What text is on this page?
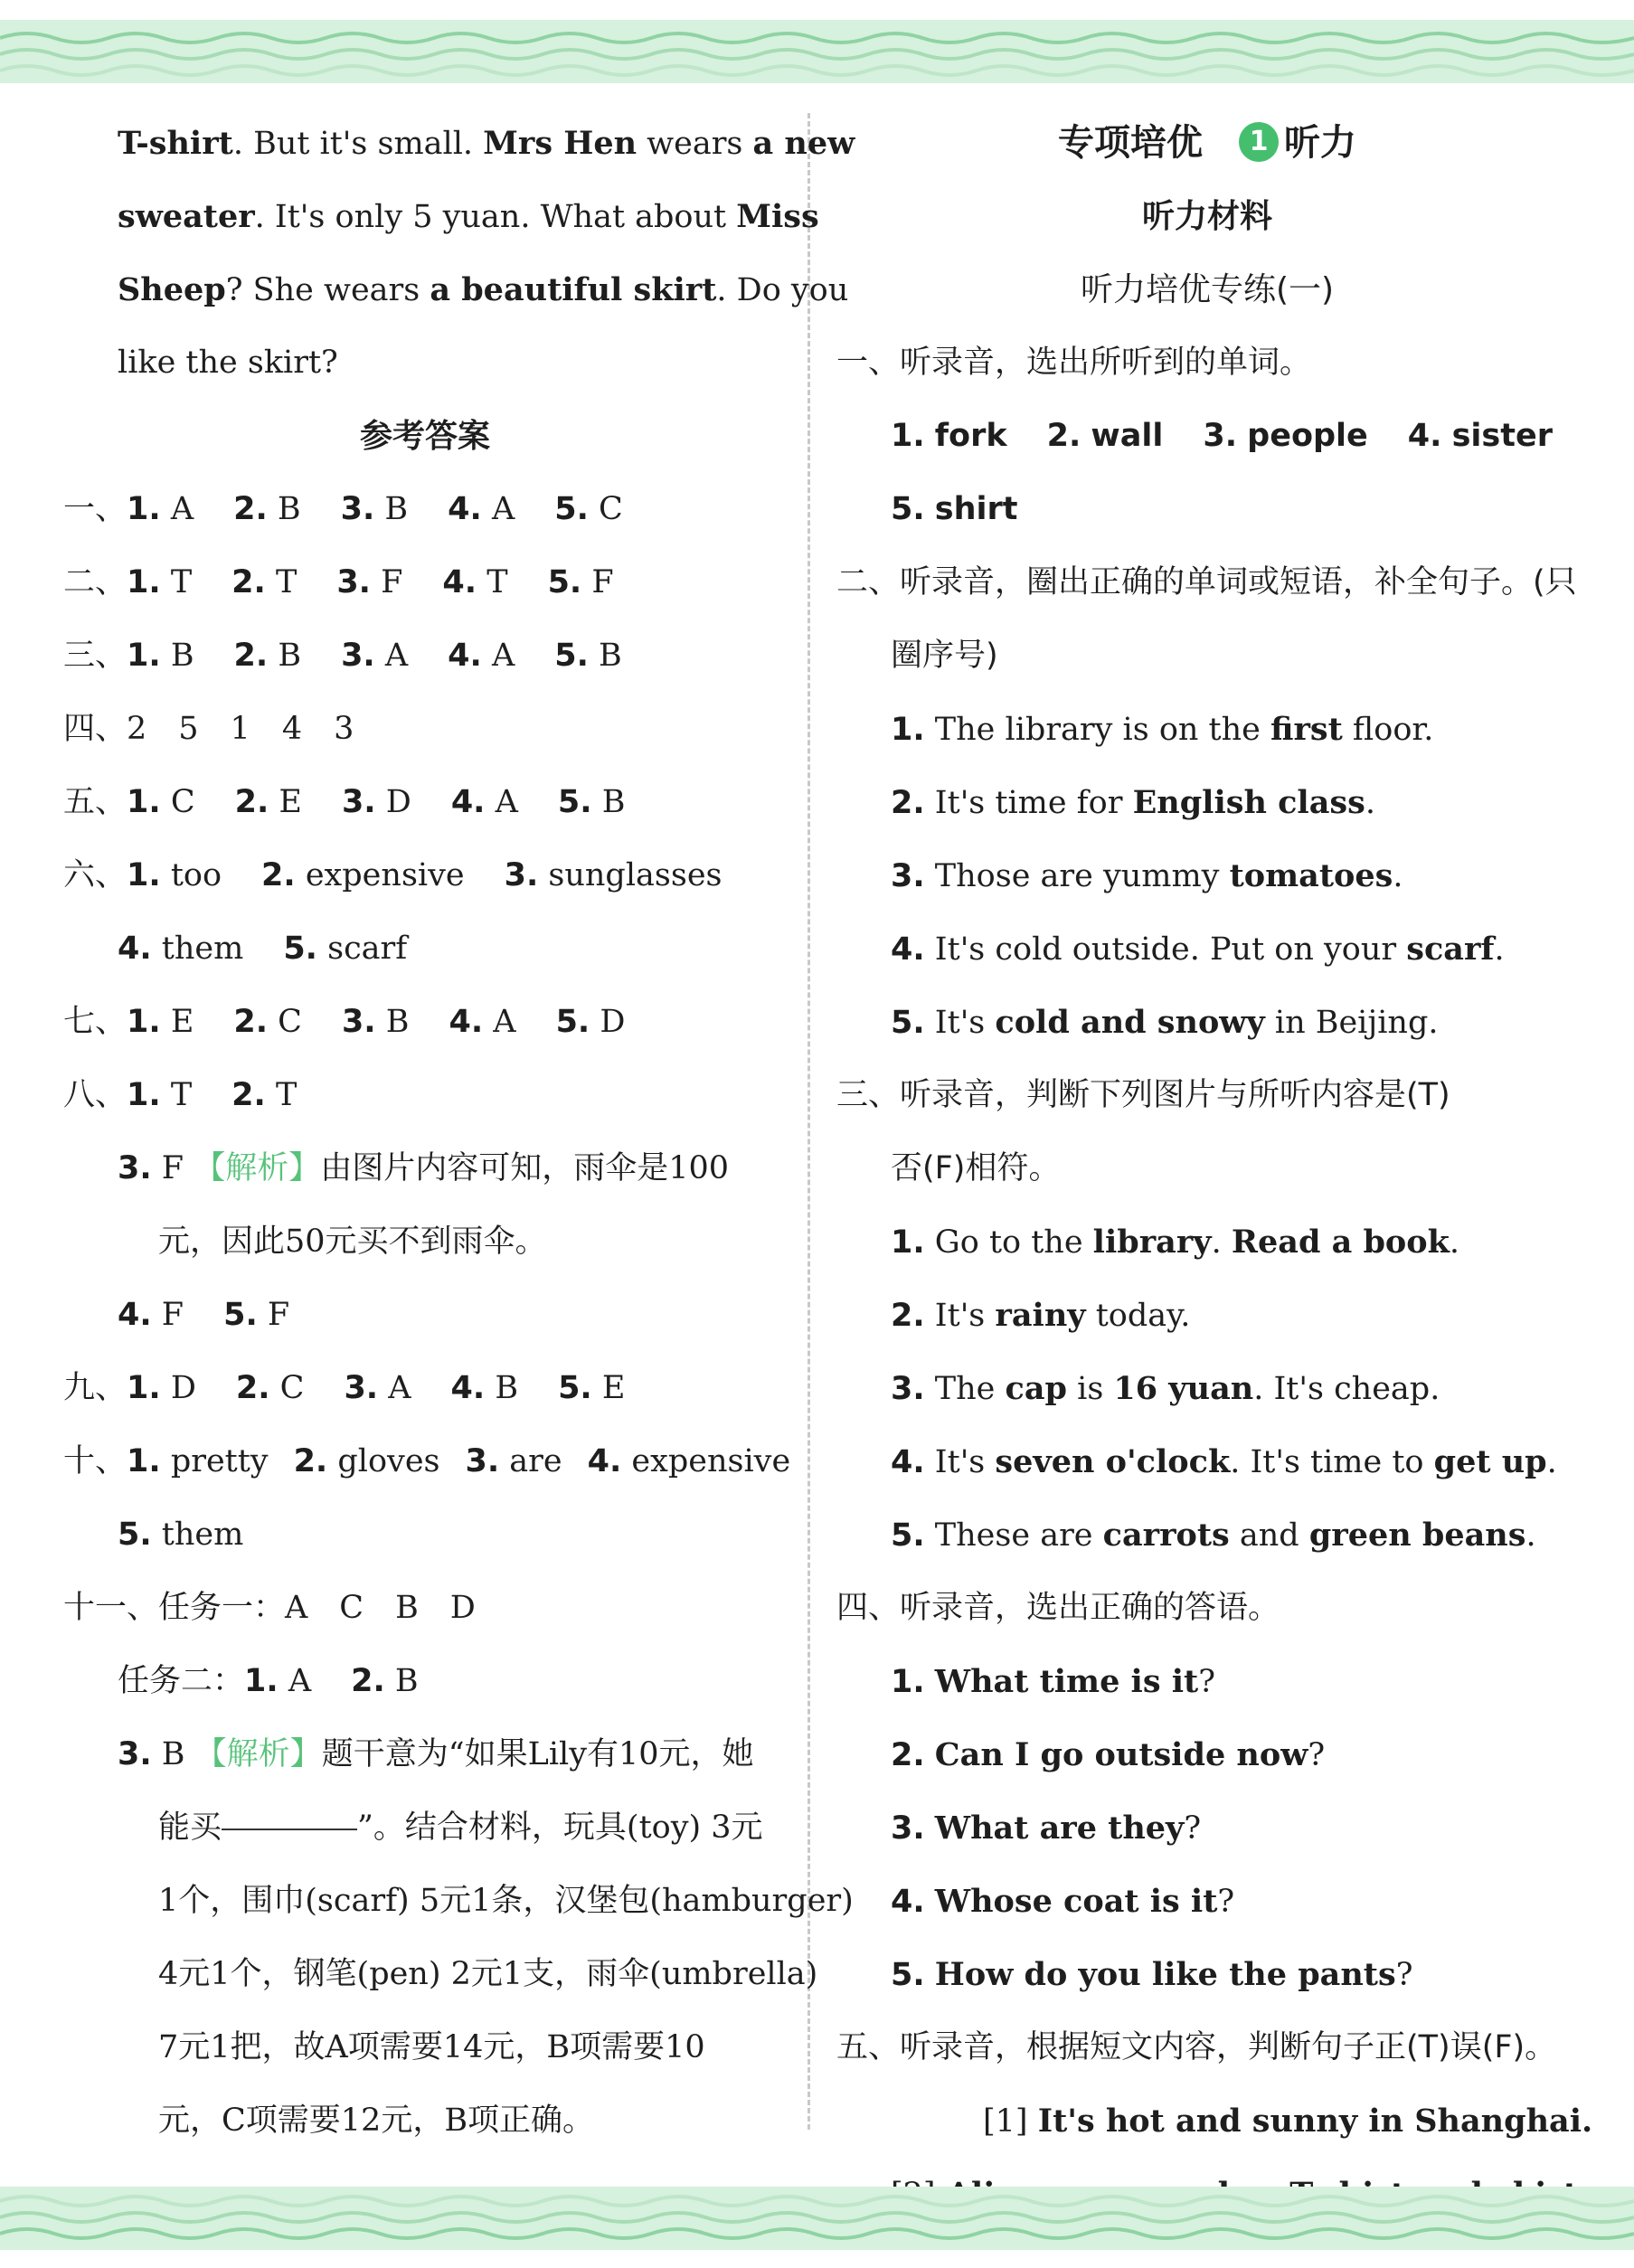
T-shirt. But it's small. Mrs Hen wears a new
sweater. It's only 5 yuan. What about Miss
Sheep? She wears a beautiful skirt. Do you
like the skirt?
参考答案
一、1. A 2. B 3. B 4. A 5. C
二、1. T 2. T 3. F 4. T 5. F
三、1. B 2. B 3. A 4. A 5. B
四、2　5　1　4　3
五、1. C 2. E 3. D 4. A 5. B
六、1. too 2. expensive 3. sunglasses
4. them 5. scarf
七、1. E 2. C 3. B 4. A 5. D
八、1. T 2. T
3. F 【解析】由图片内容可知，雨伞是100
元，因此50元买不到雨伞。
4. F 5. F
九、1. D 2. C 3. A 4. B 5. E
十、1. pretty 2. gloves 3. are 4. expensive
5. them
十一、任务一：A　C　B　D
任务二：1. A 2. B
3. B 【解析】题干意为“如果Lily有10元，她
能买	”。结合材料，玩具(toy) 3元
1个，围巾(scarf) 5元1条，汉堡包(hamburger)
4元1个，钢笔(pen) 2元1支，雨伞(umbrella)
7元1把，故A项需要14元，B项需要10
元，C项需要12元，B项正确。
专项培优 1 听力
听力材料
听力培优专练(一)
一、听录音，选出所听到的单词。
1. fork 2. wall 3. people 4. sister
5. shirt
二、听录音，圈出正确的单词或短语，补全句子。(只
圈序号)
1. The library is on the first floor.
2. It's time for English class.
3. Those are yummy tomatoes.
4. It's cold outside. Put on your scarf.
5. It's cold and snowy in Beijing.
三、听录音，判断下列图片与所听内容是(T)
否(F)相符。
1. Go to the library. Read a book.
2. It's rainy today.
3. The cap is 16 yuan. It's cheap.
4. It's seven o'clock. It's time to get up.
5. These are carrots and green beans.
四、听录音，选出正确的答语。
1. What time is it?
2. Can I go outside now?
3. What are they?
4. Whose coat is it?
5. How do you like the pants?
五、听录音，根据短文内容，判断句子正(T)误(F)。
[1] It's hot and sunny in Shanghai.
